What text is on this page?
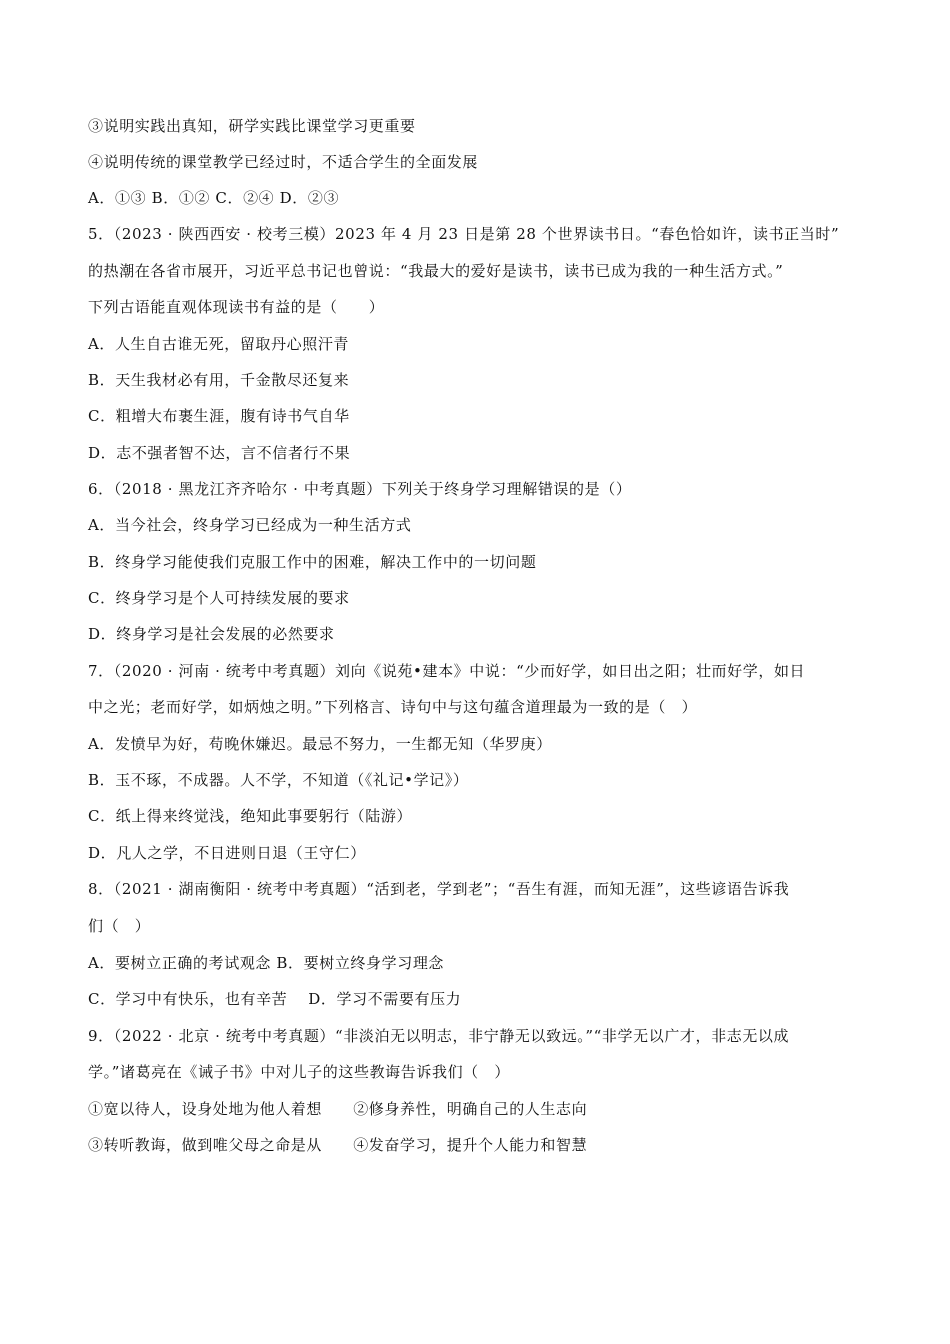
③说明实践出真知，研学实践比课堂学习更重要
④说明传统的课堂教学已经过时，不适合学生的全面发展
A．①③ B．①② C．②④ D．②③
5．（2023 · 陕西西安 · 校考三模）2023 年 4 月 23 日是第 28 个世界读书日。“春色恰如许，读书正当时”
的热潮在各省市展开，习近平总书记也曾说：“我最大的爱好是读书，读书已成为我的一种生活方式。”
下列古语能直观体现读书有益的是（　　）
A．人生自古谁无死，留取丹心照汗青
B．天生我材必有用，千金散尽还复来
C．粗增大布裹生涯，腹有诗书气自华
D．志不强者智不达，言不信者行不果
6．（2018 · 黑龙江齐齐哈尔 · 中考真题）下列关于终身学习理解错误的是（）
A．当今社会，终身学习已经成为一种生活方式
B．终身学习能使我们克服工作中的困难，解决工作中的一切问题
C．终身学习是个人可持续发展的要求
D．终身学习是社会发展的必然要求
7．（2020 · 河南 · 统考中考真题）刘向《说苑•建本》中说：“少而好学，如日出之阳；壮而好学，如日
中之光；老而好学，如炳烛之明。”下列格言、诗句中与这句蕴含道理最为一致的是（　）
A．发愤早为好，苟晚休嫌迟。最忌不努力，一生都无知（华罗庚）
B．玉不琢，不成器。人不学，不知道（《礼记•学记》）
C．纸上得来终觉浅，绝知此事要躬行（陆游）
D．凡人之学，不日进则日退（王守仁）
8．（2021 · 湖南衡阳 · 统考中考真题）“活到老，学到老”；“吾生有涯，而知无涯”，这些谚语告诉我
们（　）
A．要树立正确的考试观念 B．要树立终身学习理念
C．学习中有快乐，也有辛苦　 D．学习不需要有压力
9．（2022 · 北京 · 统考中考真题）“非淡泊无以明志，非宁静无以致远。”“非学无以广才，非志无以成
学。”诸葛亮在《诫子书》中对儿子的这些教诲告诉我们（　）
①宽以待人，设身处地为他人着想　　②修身养性，明确自己的人生志向
③转听教诲，做到唯父母之命是从　　④发奋学习，提升个人能力和智慧
